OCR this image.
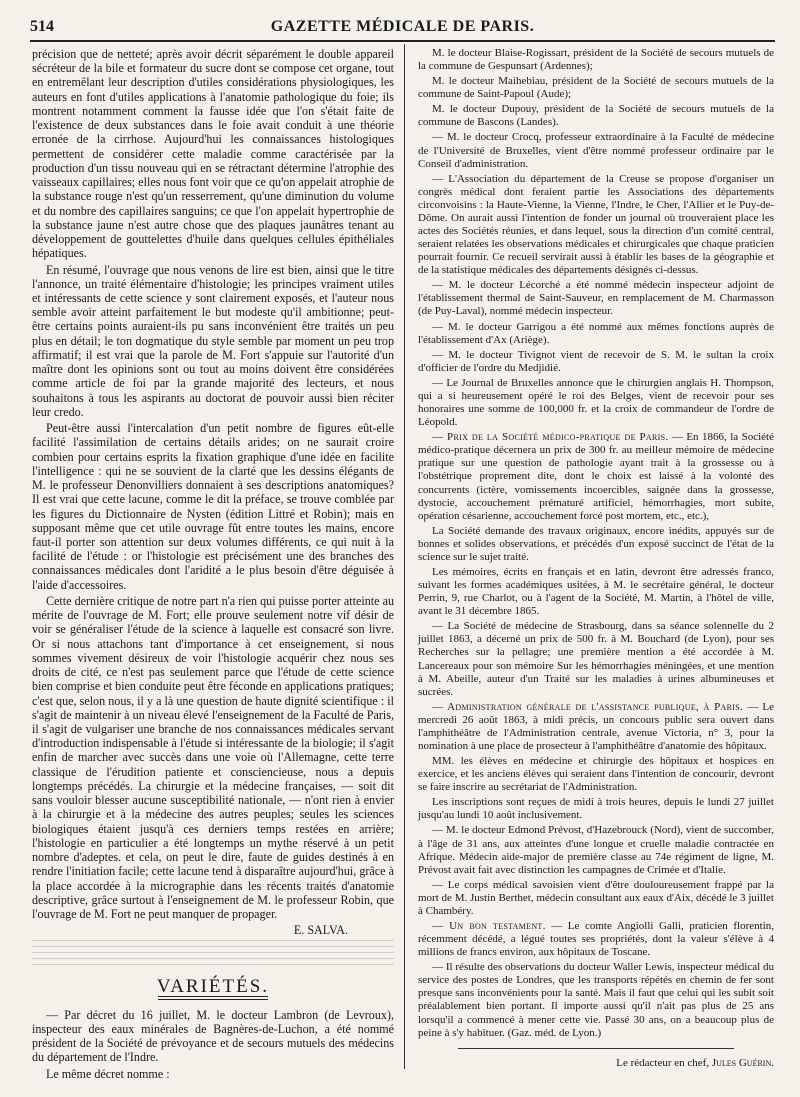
514	GAZETTE MÉDICALE DE PARIS.

précision que de netteté; après avoir décrit séparément le double appareil sécréteur de la bile et formateur du sucre dont se compose cet organe, tout en entremêlant leur description d'utiles considérations physiologiques, les auteurs en font d'utiles applications à l'anatomie pathologique du foie; ils montrent notamment comment la fausse idée que l'on s'était faite de l'existence de deux substances dans le foie avait conduit à une théorie erronée de la cirrhose. Aujourd'hui les connaissances histologiques permettent de considérer cette maladie comme caractérisée par la production d'un tissu nouveau qui en se rétractant détermine l'atrophie des vaisseaux capillaires; elles nous font voir que ce qu'on appelait atrophie de la substance rouge n'est qu'un resserrement, qu'une diminution du volume et du nombre des capillaires sanguins; ce que l'on appelait hypertrophie de la substance jaune n'est autre chose que des plaques jaunâtres tenant au développement de gouttelettes d'huile dans quelques cellules épithéliales hépatiques.

En résumé, l'ouvrage que nous venons de lire est bien, ainsi que le titre l'annonce, un traité élémentaire d'histologie; les principes vraiment utiles et intéressants de cette science y sont clairement exposés, et l'auteur nous semble avoir atteint parfaitement le but modeste qu'il ambitionne; peut-être certains points auraient-ils pu sans inconvénient être traités un peu plus en détail; le ton dogmatique du style semble par moment un peu trop affirmatif; il est vrai que la parole de M. Fort s'appuie sur l'autorité d'un maître dont les opinions sont ou tout au moins doivent être considérées comme article de foi par la grande majorité des lecteurs, et nous souhaitons à tous les aspirants au doctorat de pouvoir aussi bien réciter leur credo.

Peut-être aussi l'intercalation d'un petit nombre de figures eût-elle facilité l'assimilation de certains détails arides; on ne saurait croire combien pour certains esprits la fixation graphique d'une idée en facilite l'intelligence : qui ne se souvient de la clarté que les dessins élégants de M. le professeur Denonvilliers donnaient à ses descriptions anatomiques? Il est vrai que cette lacune, comme le dit la préface, se trouve comblée par les figures du Dictionnaire de Nysten (édition Littré et Robin); mais en supposant même que cet utile ouvrage fût entre toutes les mains, encore faut-il porter son attention sur deux volumes différents, ce qui nuit à la facilité de l'étude : or l'histologie est précisément une des branches des connaissances médicales dont l'aridité a le plus besoin d'être déguisée à l'aide d'accessoires.

Cette dernière critique de notre part n'a rien qui puisse porter atteinte au mérite de l'ouvrage de M. Fort; elle prouve seulement notre vif désir de voir se généraliser l'étude de la science à laquelle est consacré son livre. Or si nous attachons tant d'importance à cet enseignement, si nous sommes vivement désireux de voir l'histologie acquérir chez nous ses droits de cité, ce n'est pas seulement parce que l'étude de cette science bien comprise et bien conduite peut être féconde en applications pratiques; c'est que, selon nous, il y a là une question de haute dignité scientifique : il s'agit de maintenir à un niveau élevé l'enseignement de la Faculté de Paris, il s'agit de vulgariser une branche de nos connaissances médicales servant d'introduction indispensable à l'étude si intéressante de la biologie; il s'agit enfin de marcher avec succès dans une voie où l'Allemagne, cette terre classique de l'érudition patiente et consciencieuse, nous a depuis longtemps précédés. La chirurgie et la médecine françaises, — soit dit sans vouloir blesser aucune susceptibilité nationale, — n'ont rien à envier à la chirurgie et à la médecine des autres peuples; seules les sciences biologiques étaient jusqu'à ces derniers temps restées en arrière; l'histologie en particulier a été longtemps un mythe réservé à un petit nombre d'adeptes. et cela, on peut le dire, faute de guides destinés à en rendre l'initiation facile; cette lacune tend à disparaître aujourd'hui, grâce à la place accordée à la micrographie dans les récents traités d'anatomie descriptive, grâce surtout à l'enseignement de M. le professeur Robin, que l'ouvrage de M. Fort ne peut manquer de propager.

E. SALVA.
VARIÉTÉS.

— Par décret du 16 juillet, M. le docteur Lambron (de Levroux), inspecteur des eaux minérales de Bagnères-de-Luchon, a été nommé président de la Société de prévoyance et de secours mutuels des médecins du département de l'Indre.

Le même décret nomme :

M. le docteur Blaise-Rogissart, président de la Société de secours mutuels de la commune de Gespunsart (Ardennes);

M. le docteur Maihebiau, président de la Société de secours mutuels de la commune de Saint-Papoul (Aude);

M. le docteur Dupouy, président de la Société de secours mutuels de la commune de Bascons (Landes).

— M. le docteur Crocq, professeur extraordinaire à la Faculté de médecine de l'Université de Bruxelles, vient d'être nommé professeur ordinaire par le Conseil d'administration.

— L'Association du département de la Creuse se propose d'organiser un congrès médical dont feraient partie les Associations des départements circonvoisins : la Haute-Vienne, la Vienne, l'Indre, le Cher, l'Allier et le Puy-de-Dôme. On aurait aussi l'intention de fonder un journal où trouveraient place les actes des Sociétés réunies, et dans lequel, sous la direction d'un comité central, seraient relatées les observations médicales et chirurgicales que chaque praticien pourrait fournir. Ce recueil servirait aussi à établir les bases de la géographie et de la statistique médicales des départements désignés ci-dessus.

— M. le docteur Lécorché a été nommé médecin inspecteur adjoint de l'établissement thermal de Saint-Sauveur, en remplacement de M. Charmasson (de Puy-Laval), nommé médecin inspecteur.

— M. le docteur Garrigou a été nommé aux mêmes fonctions auprès de l'établissement d'Ax (Ariège).

— M. le docteur Tivignot vient de recevoir de S. M. le sultan la croix d'officier de l'ordre du Medjidié.

— Le Journal de Bruxelles annonce que le chirurgien anglais H. Thompson, qui a si heureusement opéré le roi des Belges, vient de recevoir pour ses honoraires une somme de 100,000 fr. et la croix de commandeur de l'ordre de Léopold.

— Prix de la Société médico-pratique de Paris. — En 1866, la Société médico-pratique décernera un prix de 300 fr. au meilleur mémoire de médecine pratique sur une question de pathologie ayant trait à la grossesse ou à l'obstétrique proprement dite, dont le choix est laissé à la volonté des concurrents (ictère, vomissements incoercibles, saignée dans la grossesse, dystocie, accouchement prématuré artificiel, hémorrhagies, mort subite, opération césarienne, accouchement forcé post mortem, etc., etc.),

La Société demande des travaux originaux, encore inédits, appuyés sur de bonnes et solides observations, et précédés d'un exposé succinct de l'état de la science sur le sujet traité.

Les mémoires, écrits en français et en latin, devront être adressés franco, suivant les formes académiques usitées, à M. le secrétaire général, le docteur Perrin, 9, rue Charlot, ou à l'agent de la Société, M. Martin, à l'hôtel de ville, avant le 31 décembre 1865.

— La Société de médecine de Strasbourg, dans sa séance solennelle du 2 juillet 1863, a décerné un prix de 500 fr. à M. Bouchard (de Lyon), pour ses Recherches sur la pellagre; une première mention a été accordée à M. Lancereaux pour son mémoire Sur les hémorrhagies méningées, et une mention à M. Abeille, auteur d'un Traité sur les maladies à urines albumineuses et sucrées.

— Administration générale de l'assistance publique, à Paris. — Le mercredi 26 août 1863, à midi précis, un concours public sera ouvert dans l'amphithéâtre de l'Administration centrale, avenue Victoria, n° 3, pour la nomination à une place de prosecteur à l'amphithéâtre d'anatomie des hôpitaux.

MM. les élèves en médecine et chirurgie des hôpitaux et hospices en exercice, et les anciens élèves qui seraient dans l'intention de concourir, devront se faire inscrire au secrétariat de l'Administration.

Les inscriptions sont reçues de midi à trois heures, depuis le lundi 27 juillet jusqu'au lundi 10 août inclusivement.

— M. le docteur Edmond Prévost, d'Hazebrouck (Nord), vient de succomber, à l'âge de 31 ans, aux atteintes d'une longue et cruelle maladie contractée en Afrique. Médecin aide-major de première classe au 74e régiment de ligne, M. Prévost avait fait avec distinction les campagnes de Crimée et d'Italie.

— Le corps médical savoisien vient d'être douloureusement frappé par la mort de M. Justin Berthet, médecin consultant aux eaux d'Aix, décédé le 3 juillet à Chambéry.

— Un bon testament. — Le comte Angiolli Galli, praticien florentin, récemment décédé, a légué toutes ses propriétés, dont la valeur s'élève à 4 millions de francs environ, aux hôpitaux de Toscane.

— Il résulte des observations du docteur Waller Lewis, inspecteur médical du service des postes de Londres, que les transports répétés en chemin de fer sont presque sans inconvénients pour la santé. Mais il faut que celui qui les subit soit préalablement bien portant. Il importe aussi qu'il n'ait pas plus de 25 ans lorsqu'il a commencé à mener cette vie. Passé 30 ans, on a beaucoup plus de peine à s'y habituer. (Gaz. méd. de Lyon.)

Le rédacteur en chef, Jules Guérin.
